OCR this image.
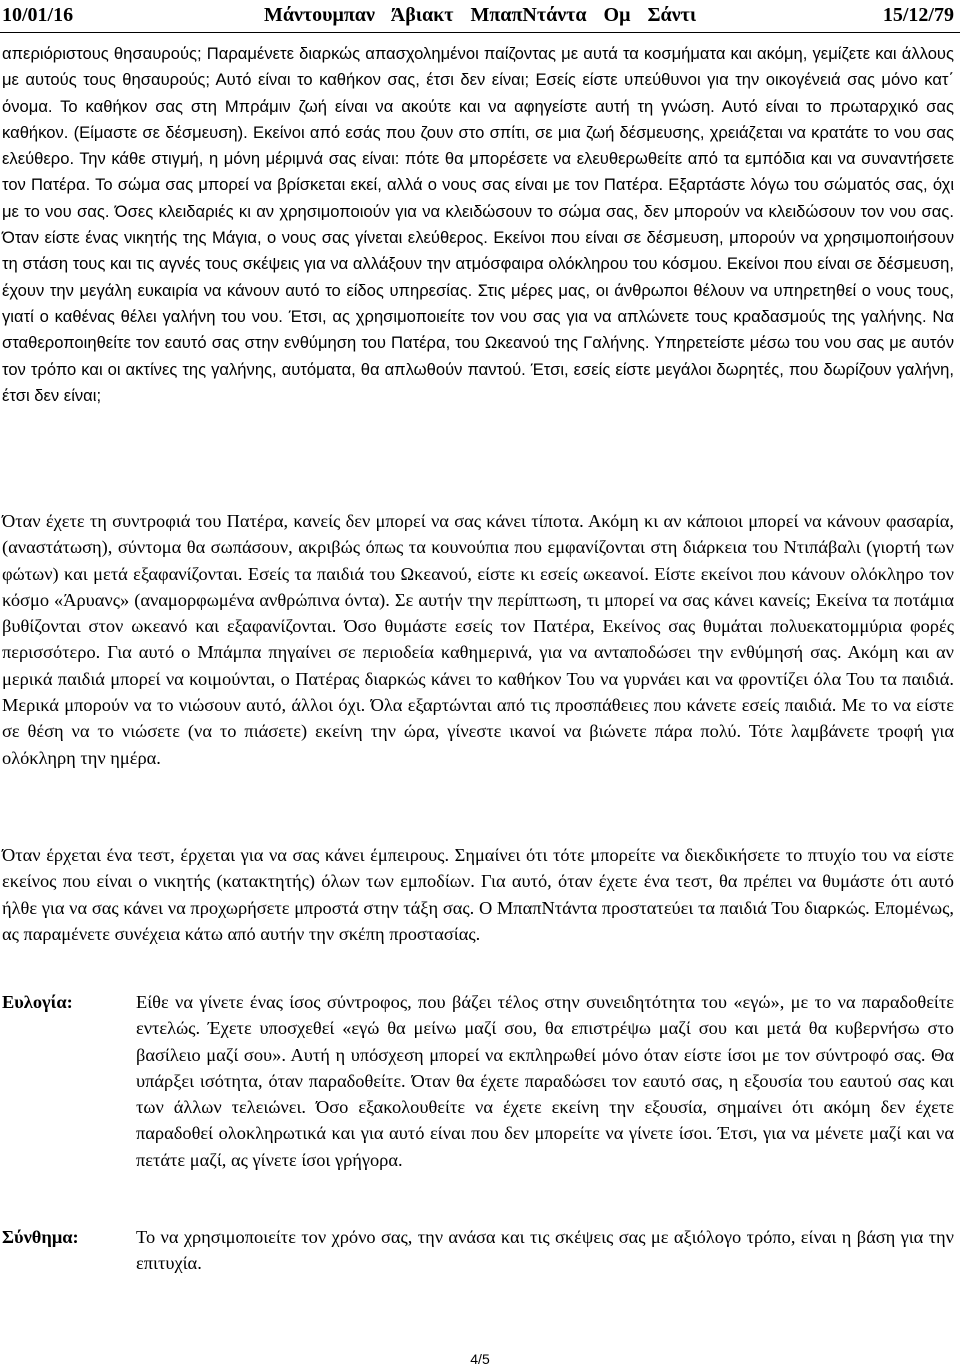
10/01/16	Μάντουμπαν Άβιακτ ΜπαπΝτάντα Ομ Σάντι	15/12/79

απεριόριστους θησαυρούς; Παραμένετε διαρκώς απασχολημένοι παίζοντας με αυτά τα κοσμήματα και ακόμη, γεμίζετε και άλλους με αυτούς τους θησαυρούς; Αυτό είναι το καθήκον σας, έτσι δεν είναι; Εσείς είστε υπεύθυνοι για την οικογένειά σας μόνο κατ΄ όνομα. Το καθήκον σας στη Μπράμιν ζωή είναι να ακούτε και να αφηγείστε αυτή τη γνώση. Αυτό είναι το πρωταρχικό σας καθήκον. (Είμαστε σε δέσμευση). Εκείνοι από εσάς που ζουν στο σπίτι, σε μια ζωή δέσμευσης, χρειάζεται να κρατάτε το νου σας ελεύθερο. Την κάθε στιγμή, η μόνη μέριμνά σας είναι: πότε θα μπορέσετε να ελευθερωθείτε από τα εμπόδια και να συναντήσετε τον Πατέρα. Το σώμα σας μπορεί να βρίσκεται εκεί, αλλά ο νους σας είναι με τον Πατέρα. Εξαρτάστε λόγω του σώματός σας, όχι με το νου σας. Όσες κλειδαριές κι αν χρησιμοποιούν για να κλειδώσουν το σώμα σας, δεν μπορούν να κλειδώσουν τον νου σας. Όταν είστε ένας νικητής της Μάγια, ο νους σας γίνεται ελεύθερος. Εκείνοι που είναι σε δέσμευση, μπορούν να χρησιμοποιήσουν τη στάση τους και τις αγνές τους σκέψεις για να αλλάξουν την ατμόσφαιρα ολόκληρου του κόσμου. Εκείνοι που είναι σε δέσμευση, έχουν την μεγάλη ευκαιρία να κάνουν αυτό το είδος υπηρεσίας. Στις μέρες μας, οι άνθρωποι θέλουν να υπηρετηθεί ο νους τους, γιατί ο καθένας θέλει γαλήνη του νου. Έτσι, ας χρησιμοποιείτε τον νου σας για να απλώνετε τους κραδασμούς της γαλήνης. Να σταθεροποιηθείτε τον εαυτό σας στην ενθύμηση του Πατέρα, του Ωκεανού της Γαλήνης. Υπηρετείστε μέσω του νου σας με αυτόν τον τρόπο και οι ακτίνες της γαλήνης, αυτόματα, θα απλωθούν παντού. Έτσι, εσείς είστε μεγάλοι δωρητές, που δωρίζουν γαλήνη, έτσι δεν είναι;

Όταν έχετε τη συντροφιά του Πατέρα, κανείς δεν μπορεί να σας κάνει τίποτα. Ακόμη κι αν κάποιοι μπορεί να κάνουν φασαρία, (αναστάτωση), σύντομα θα σωπάσουν, ακριβώς όπως τα κουνούπια που εμφανίζονται στη διάρκεια του Ντιπάβαλι (γιορτή των φώτων) και μετά εξαφανίζονται. Εσείς τα παιδιά του Ωκεανού, είστε κι εσείς ωκεανοί. Είστε εκείνοι που κάνουν ολόκληρο τον κόσμο «Άρυανς» (αναμορφωμένα ανθρώπινα όντα). Σε αυτήν την περίπτωση, τι μπορεί να σας κάνει κανείς; Εκείνα τα ποτάμια βυθίζονται στον ωκεανό και εξαφανίζονται. Όσο θυμάστε εσείς τον Πατέρα, Εκείνος σας θυμάται πολυεκατομμύρια φορές περισσότερο. Για αυτό ο Μπάμπα πηγαίνει σε περιοδεία καθημερινά, για να ανταποδώσει την ενθύμησή σας. Ακόμη και αν μερικά παιδιά μπορεί να κοιμούνται, ο Πατέρας διαρκώς κάνει το καθήκον Του να γυρνάει και να φροντίζει όλα Του τα παιδιά. Μερικά μπορούν να το νιώσουν αυτό, άλλοι όχι. Όλα εξαρτώνται από τις προσπάθειες που κάνετε εσείς παιδιά. Με το να είστε σε θέση να το νιώσετε (να το πιάσετε) εκείνη την ώρα, γίνεστε ικανοί να βιώνετε πάρα πολύ. Τότε λαμβάνετε τροφή για ολόκληρη την ημέρα.

Όταν έρχεται ένα τεστ, έρχεται για να σας κάνει έμπειρους. Σημαίνει ότι τότε μπορείτε να διεκδικήσετε το πτυχίο του να είστε εκείνος που είναι ο νικητής (κατακτητής) όλων των εμποδίων. Για αυτό, όταν έχετε ένα τεστ, θα πρέπει να θυμάστε ότι αυτό ήλθε για να σας κάνει να προχωρήσετε μπροστά στην τάξη σας. Ο ΜπαπΝτάντα προστατεύει τα παιδιά Του διαρκώς. Επομένως, ας παραμένετε συνέχεια κάτω από αυτήν την σκέπη προστασίας.

Ευλογία:	Είθε να γίνετε ένας ίσος σύντροφος, που βάζει τέλος στην συνειδητότητα του «εγώ», με το να παραδοθείτε εντελώς. Έχετε υποσχεθεί «εγώ θα μείνω μαζί σου, θα επιστρέψω μαζί σου και μετά θα κυβερνήσω στο βασίλειο μαζί σου». Αυτή η υπόσχεση μπορεί να εκπληρωθεί μόνο όταν είστε ίσοι με τον σύντροφό σας. Θα υπάρξει ισότητα, όταν παραδοθείτε. Όταν θα έχετε παραδώσει τον εαυτό σας, η εξουσία του εαυτού σας και των άλλων τελειώνει. Όσο εξακολουθείτε να έχετε εκείνη την εξουσία, σημαίνει ότι ακόμη δεν έχετε παραδοθεί ολοκληρωτικά και για αυτό είναι που δεν μπορείτε να γίνετε ίσοι. Έτσι, για να μένετε μαζί και να πετάτε μαζί, ας γίνετε ίσοι γρήγορα.

Σύνθημα:	Το να χρησιμοποιείτε τον χρόνο σας, την ανάσα και τις σκέψεις σας με αξιόλογο τρόπο, είναι η βάση για την επιτυχία.

4/5
